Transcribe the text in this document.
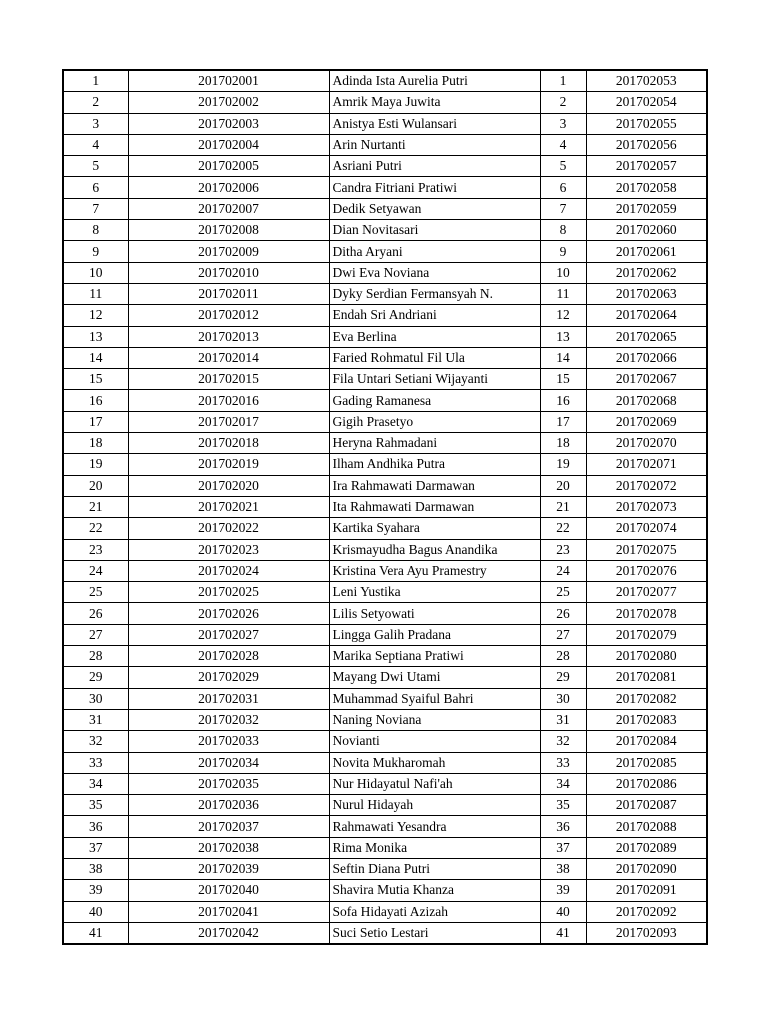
1	201702001	Adinda Ista Aurelia Putri	1	201702053
2	201702002	Amrik Maya Juwita	2	201702054
3	201702003	Anistya Esti Wulansari	3	201702055
4	201702004	Arin Nurtanti	4	201702056
5	201702005	Asriani Putri	5	201702057
6	201702006	Candra Fitriani Pratiwi	6	201702058
7	201702007	Dedik Setyawan	7	201702059
8	201702008	Dian Novitasari	8	201702060
9	201702009	Ditha Aryani	9	201702061
10	201702010	Dwi Eva Noviana	10	201702062
11	201702011	Dyky Serdian Fermansyah N.	11	201702063
12	201702012	Endah Sri Andriani	12	201702064
13	201702013	Eva Berlina	13	201702065
14	201702014	Faried Rohmatul Fil Ula	14	201702066
15	201702015	Fila Untari Setiani Wijayanti	15	201702067
16	201702016	Gading Ramanesa	16	201702068
17	201702017	Gigih Prasetyo	17	201702069
18	201702018	Heryna Rahmadani	18	201702070
19	201702019	Ilham Andhika Putra	19	201702071
20	201702020	Ira Rahmawati Darmawan	20	201702072
21	201702021	Ita Rahmawati Darmawan	21	201702073
22	201702022	Kartika Syahara	22	201702074
23	201702023	Krismayudha Bagus Anandika	23	201702075
24	201702024	Kristina Vera Ayu Pramestry	24	201702076
25	201702025	Leni Yustika	25	201702077
26	201702026	Lilis Setyowati	26	201702078
27	201702027	Lingga Galih Pradana	27	201702079
28	201702028	Marika Septiana Pratiwi	28	201702080
29	201702029	Mayang Dwi Utami	29	201702081
30	201702031	Muhammad Syaiful Bahri	30	201702082
31	201702032	Naning Noviana	31	201702083
32	201702033	Novianti	32	201702084
33	201702034	Novita Mukharomah	33	201702085
34	201702035	Nur Hidayatul Nafi'ah	34	201702086
35	201702036	Nurul Hidayah	35	201702087
36	201702037	Rahmawati Yesandra	36	201702088
37	201702038	Rima Monika	37	201702089
38	201702039	Seftin Diana Putri	38	201702090
39	201702040	Shavira Mutia Khanza	39	201702091
40	201702041	Sofa Hidayati Azizah	40	201702092
41	201702042	Suci Setio Lestari	41	201702093
